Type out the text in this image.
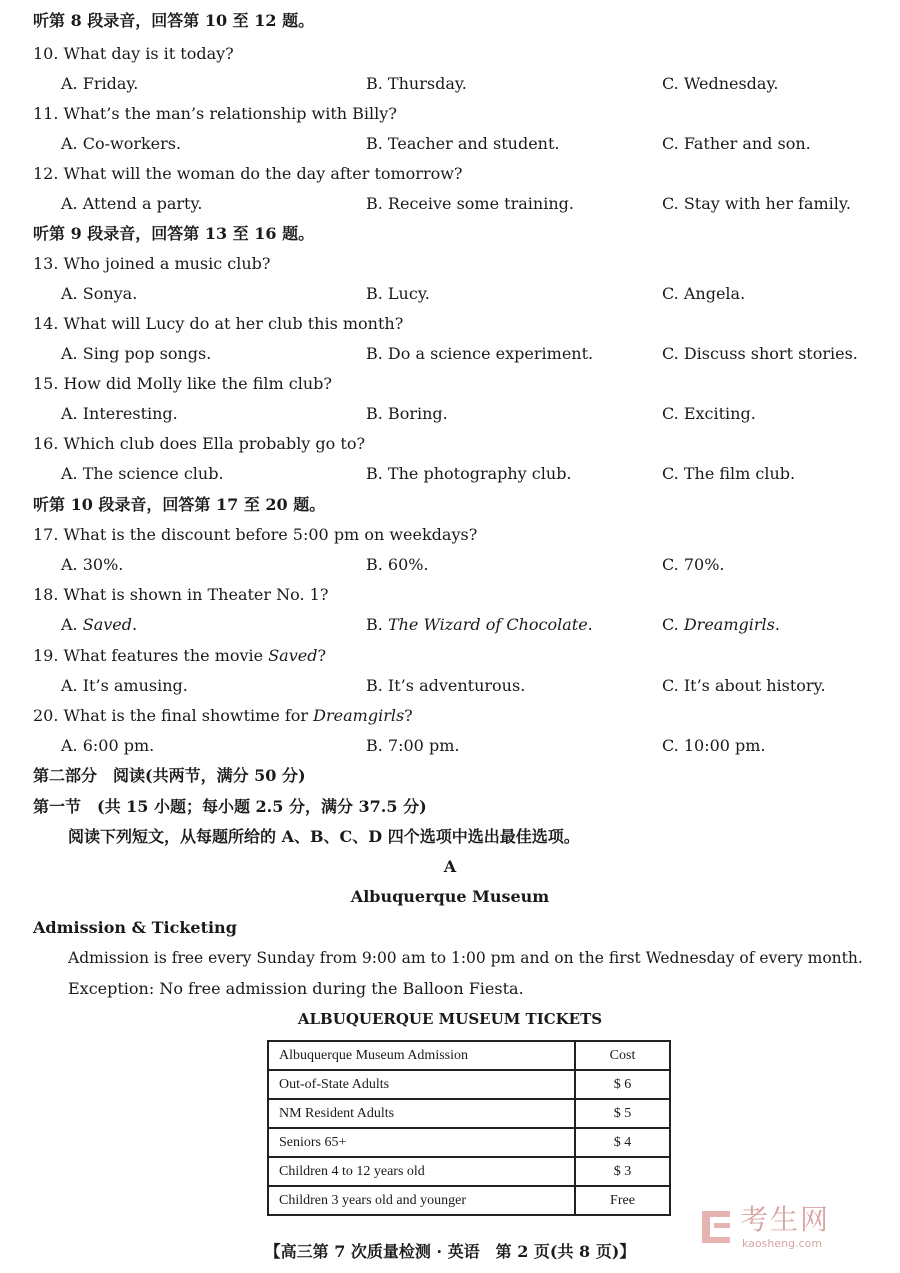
听第 8 段录音，回答第 10 至 12 题。
10. What day is it today?
A. Friday.	B. Thursday.	C. Wednesday.
11. What’s the man’s relationship with Billy?
A. Co-workers.	B. Teacher and student.	C. Father and son.
12. What will the woman do the day after tomorrow?
A. Attend a party.	B. Receive some training.	C. Stay with her family.
听第 9 段录音，回答第 13 至 16 题。
13. Who joined a music club?
A. Sonya.	B. Lucy.	C. Angela.
14. What will Lucy do at her club this month?
A. Sing pop songs.	B. Do a science experiment.	C. Discuss short stories.
15. How did Molly like the film club?
A. Interesting.	B. Boring.	C. Exciting.
16. Which club does Ella probably go to?
A. The science club.	B. The photography club.	C. The film club.
听第 10 段录音，回答第 17 至 20 题。
17. What is the discount before 5:00 pm on weekdays?
A. 30%.	B. 60%.	C. 70%.
18. What is shown in Theater No. 1?
A. Saved.	B. The Wizard of Chocolate.	C. Dreamgirls.
19. What features the movie Saved?
A. It’s amusing.	B. It’s adventurous.	C. It’s about history.
20. What is the final showtime for Dreamgirls?
A. 6:00 pm.	B. 7:00 pm.	C. 10:00 pm.
第二部分　阅读(共两节，满分 50 分)
第一节　(共 15 小题；每小题 2.5 分，满分 37.5 分)
阅读下列短文，从每题所给的 A、B、C、D 四个选项中选出最佳选项。
A
Albuquerque Museum
Admission & Ticketing
Admission is free every Sunday from 9:00 am to 1:00 pm and on the first Wednesday of every month.
Exception: No free admission during the Balloon Fiesta.
ALBUQUERQUE MUSEUM TICKETS
Albuquerque Museum Admission	Cost
Out-of-State Adults	$ 6
NM Resident Adults	$ 5
Seniors 65+	$ 4
Children 4 to 12 years old	$ 3
Children 3 years old and younger	Free
【高三第 7 次质量检测 · 英语　第 2 页(共 8 页)】
考生网
kaosheng.com
